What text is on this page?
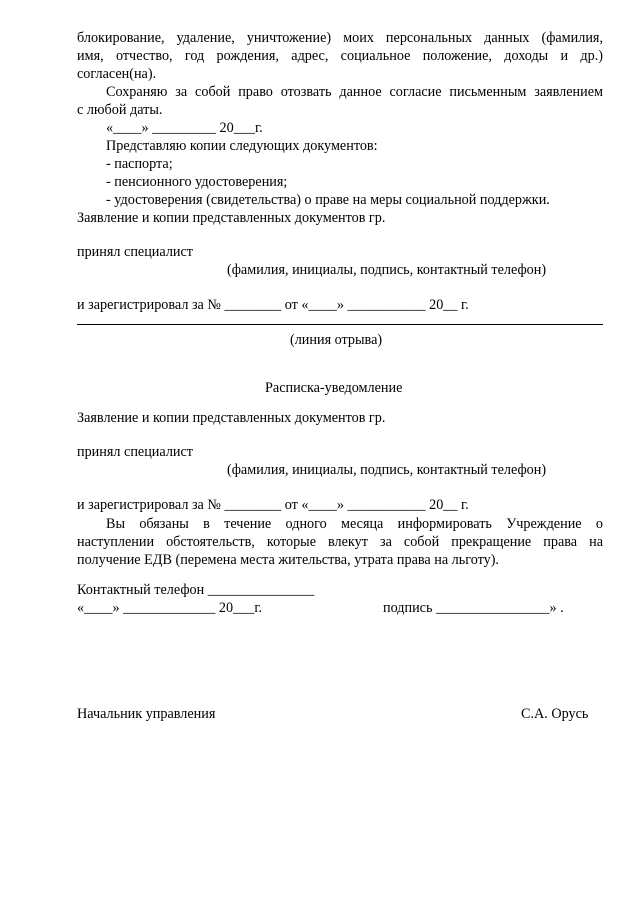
блокирование, удаление, уничтожение) моих персональных данных (фамилия,
имя, отчество, год рождения, адрес, социальное положение, доходы и др.)
согласен(на).
Сохраняю за собой право отозвать данное согласие письменным заявлением
с любой даты.
«____» _________ 20___г.
Представляю копии следующих документов:
- паспорта;
- пенсионного удостоверения;
- удостоверения (свидетельства) о праве на меры социальной поддержки.
Заявление и копии представленных документов гр.
принял специалист
(фамилия, инициалы, подпись, контактный телефон)
и зарегистрировал за № ________ от «____» ___________ 20__ г.
(линия отрыва)
Расписка-уведомление
Заявление и копии представленных документов гр.
принял специалист
(фамилия, инициалы, подпись, контактный телефон)
и зарегистрировал за № ________ от «____» ___________ 20__ г.
Вы обязаны в течение одного месяца информировать Учреждение о
наступлении обстоятельств, которые влекут за собой прекращение права на
получение ЕДВ (перемена места жительства, утрата права на льготу).
Контактный телефон _______________
«____» _____________ 20___г.	подпись ________________» .
Начальник управления	С.А. Орусь
